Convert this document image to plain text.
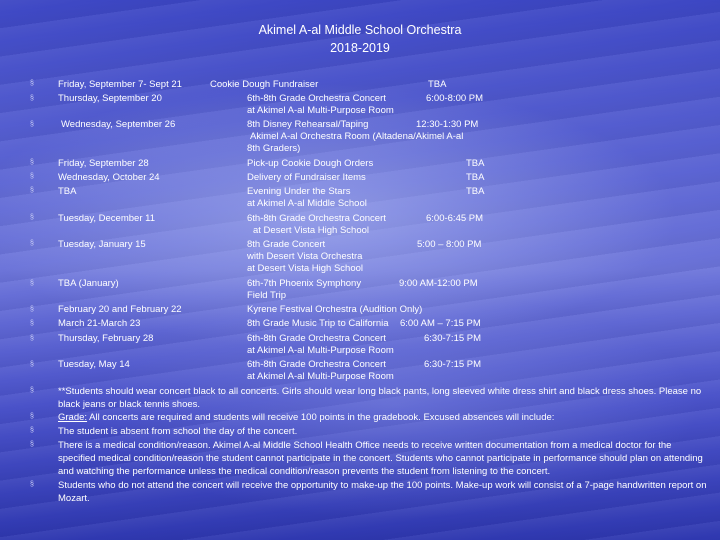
Akimel A-al Middle School Orchestra
2018-2019
§
§
§
§
§
§
§
§
§
§
§
§
§
§
§
§
§
§
Friday, September 7- Sept 21	Cookie Dough Fundraiser	TBA
Thursday, September 20	6th-8th Grade Orchestra Concert	6:00-8:00 PM
at Akimel A-al Multi-Purpose Room
Wednesday, September 26	8th Disney Rehearsal/Taping	12:30-1:30 PM
Akimel A-al Orchestra Room (Altadena/Akimel A-al
8th Graders)
Friday, September 28	Pick-up Cookie Dough Orders	TBA
Wednesday, October 24	Delivery of Fundraiser Items	TBA
TBA	Evening Under the Stars	TBA
at Akimel A-al Middle School
Tuesday, December 11	6th-8th Grade Orchestra Concert	6:00-6:45 PM
at Desert Vista High School
Tuesday, January 15	8th Grade Concert	5:00 – 8:00 PM
with Desert Vista Orchestra
at Desert Vista High School
TBA (January)	6th-7th Phoenix Symphony	9:00 AM-12:00 PM
Field Trip
February 20 and February 22	Kyrene Festival Orchestra (Audition Only)
March 21-March 23	8th Grade Music Trip to California 6:00 AM – 7:15 PM
Thursday, February 28	6th-8th Grade Orchestra Concert	6:30-7:15 PM
at Akimel A-al Multi-Purpose Room
Tuesday, May 14	6th-8th Grade Orchestra Concert	6:30-7:15 PM
at Akimel A-al Multi-Purpose Room
**Students should wear concert black to all concerts. Girls should wear long black pants, long sleeved white dress shirt and black dress shoes. Please no black jeans or black tennis shoes.
Grade: All concerts are required and students will receive 100 points in the gradebook. Excused absences will include:
The student is absent from school the day of the concert.
There is a medical condition/reason. Akimel A-al Middle School Health Office needs to receive written documentation from a medical doctor for the specified medical condition/reason the student cannot participate in the concert. Students who cannot participate in performance should plan on attending and watching the performance unless the medical condition/reason prevents the student from listening to the concert.
Students who do not attend the concert will receive the opportunity to make-up the 100 points. Make-up work will consist of a 7-page handwritten report on Mozart.
